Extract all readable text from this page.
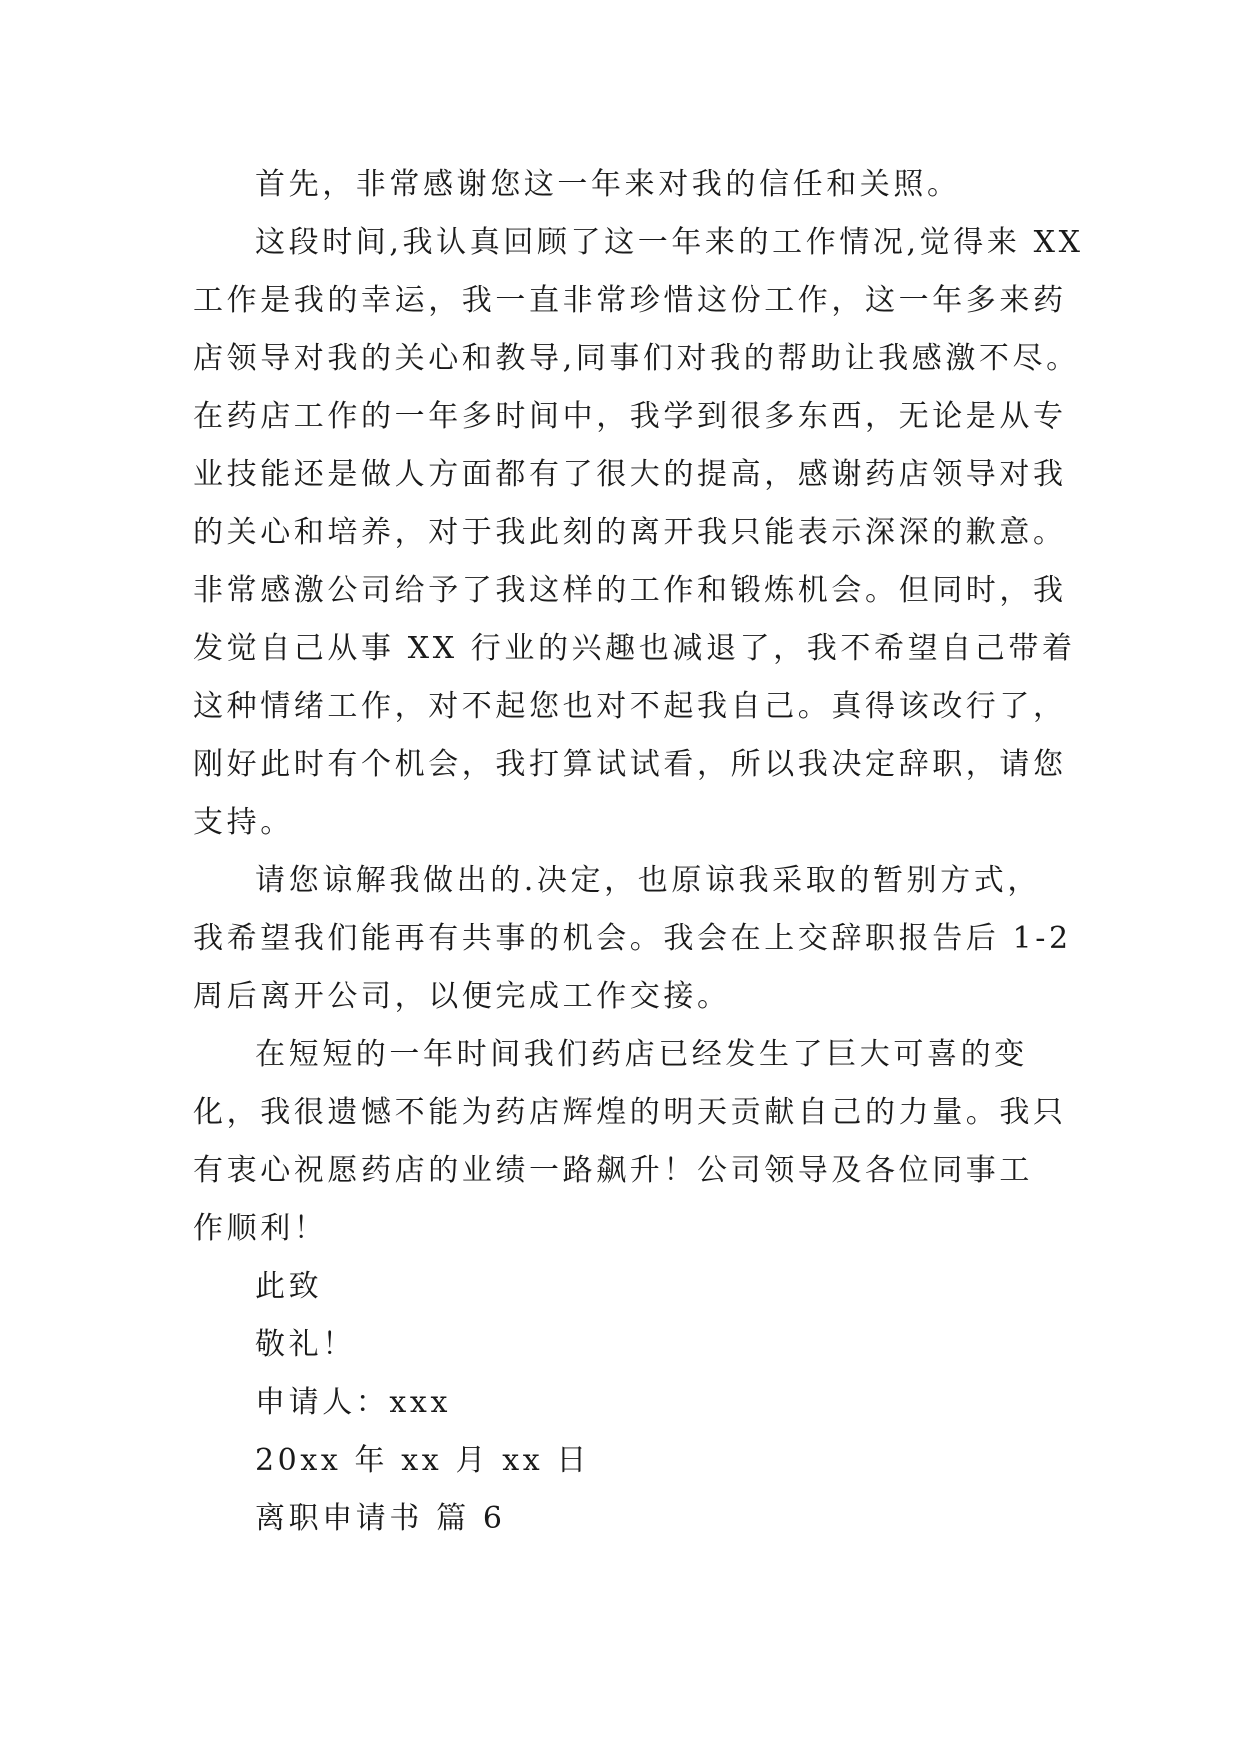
首先，非常感谢您这一年来对我的信任和关照。
这段时间,我认真回顾了这一年来的工作情况,觉得来 XX
工作是我的幸运，我一直非常珍惜这份工作，这一年多来药
店领导对我的关心和教导,同事们对我的帮助让我感激不尽。
在药店工作的一年多时间中，我学到很多东西，无论是从专
业技能还是做人方面都有了很大的提高，感谢药店领导对我
的关心和培养，对于我此刻的离开我只能表示深深的歉意。
非常感激公司给予了我这样的工作和锻炼机会。但同时，我
发觉自己从事 XX 行业的兴趣也减退了，我不希望自己带着
这种情绪工作，对不起您也对不起我自己。真得该改行了，
刚好此时有个机会，我打算试试看，所以我决定辞职，请您
支持。
请您谅解我做出的.决定，也原谅我采取的暂别方式，
我希望我们能再有共事的机会。我会在上交辞职报告后 1-2
周后离开公司，以便完成工作交接。
在短短的一年时间我们药店已经发生了巨大可喜的变
化，我很遗憾不能为药店辉煌的明天贡献自己的力量。我只
有衷心祝愿药店的业绩一路飙升！公司领导及各位同事工
作顺利！
此致
敬礼！
申请人：xxx
20xx 年 xx 月 xx 日
离职申请书 篇 6
